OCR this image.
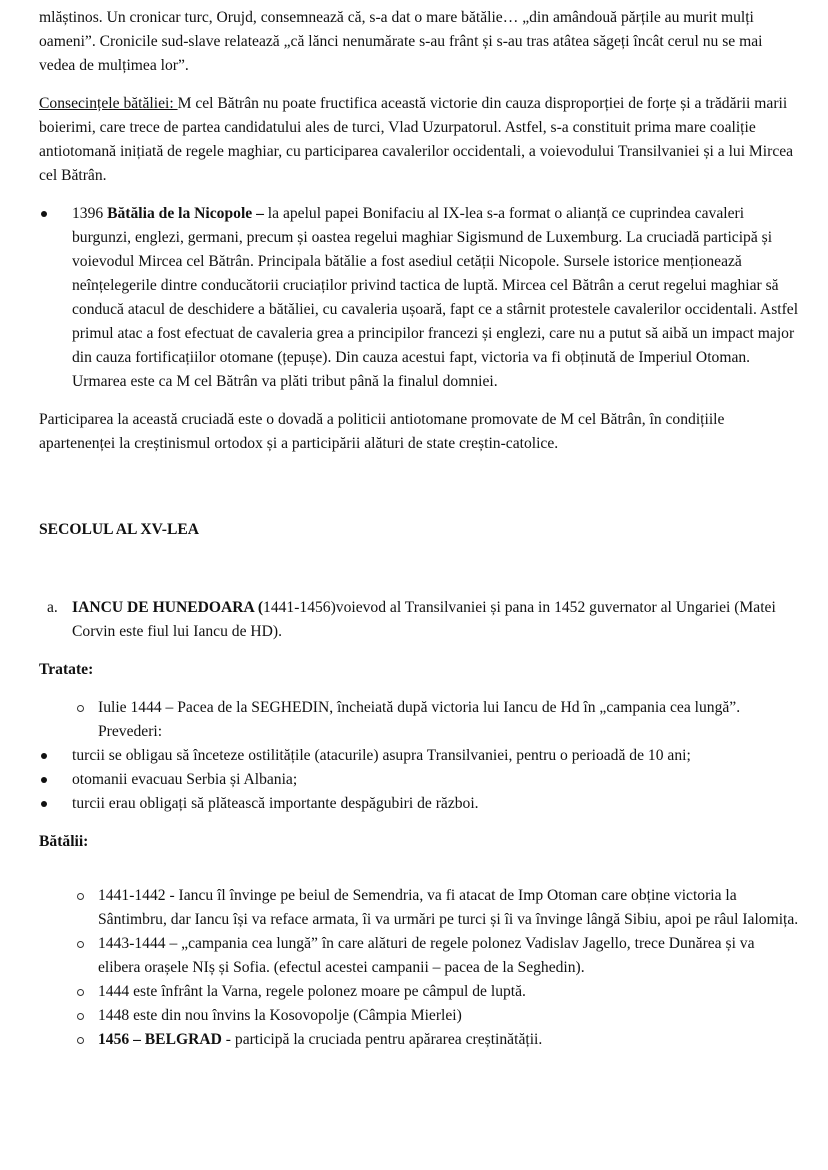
mlăștinos. Un cronicar turc, Orujd, consemnează că, s-a dat o mare bătălie… „din amândouă părțile au murit mulți oameni”. Cronicile sud-slave relatează „că lănci nenumărate s-au frânt și s-au tras atâtea săgeți încât cerul nu se mai vedea de mulțimea lor”.

Consecințele bătăliei: M cel Bătrân nu poate fructifica această victorie din cauza disproporției de forțe și a trădării marii boierimi, care trece de partea candidatului ales de turci, Vlad Uzurpatorul. Astfel, s-a constituit prima mare coaliție antiotomană inițiată de regele maghiar, cu participarea cavalerilor occidentali, a voievodului Transilvaniei și a lui Mircea cel Bătrân.

1396 Bătălia de la Nicopole – la apelul papei Bonifaciu al IX-lea s-a format o alianță ce cuprindea cavaleri burgunzi, englezi, germani, precum și oastea regelui maghiar Sigismund de Luxemburg. La cruciadă participă și voievodul Mircea cel Bătrân. Principala bătălie a fost asediul cetății Nicopole. Sursele istorice menționează neînțelegerile dintre conducătorii cruciaților privind tactica de luptă. Mircea cel Bătrân a cerut regelui maghiar să conducă atacul de deschidere a bătăliei, cu cavaleria ușoară, fapt ce a stârnit protestele cavalerilor occidentali. Astfel primul atac a fost efectuat de cavaleria grea a principilor francezi și englezi, care nu a putut să aibă un impact major din cauza fortificațiilor otomane (țepușe). Din cauza acestui fapt, victoria va fi obținută de Imperiul Otoman. Urmarea este ca M cel Bătrân va plăti tribut până la finalul domniei.

Participarea la această cruciadă este o dovadă a politicii antiotomane promovate de M cel Bătrân, în condițiile apartenenței la creștinismul ortodox și a participării alături de state creștin-catolice.

SECOLUL AL XV-LEA

a. IANCU DE HUNEDOARA (1441-1456)voievod al Transilvaniei și pana in 1452 guvernator al Ungariei (Matei Corvin este fiul lui Iancu de HD).

Tratate:

Iulie 1444 – Pacea de la SEGHEDIN, încheiată după victoria lui Iancu de Hd în „campania cea lungă”. Prevederi:
turcii se obligau să înceteze ostilitățile (atacurile) asupra Transilvaniei, pentru o perioadă de 10 ani;
otomanii evacuau Serbia și Albania;
turcii erau obligați să plătească importante despăgubiri de război.

Bătălii:

1441-1442 - Iancu îl învinge pe beiul de Semendria, va fi atacat de Imp Otoman care obține victoria la Sântimbru, dar Iancu își va reface armata, îi va urmări pe turci și îi va învinge lângă Sibiu, apoi pe râul Ialomița.
1443-1444 – „campania cea lungă” în care alături de regele polonez Vadislav Jagello, trece Dunărea și va elibera orașele NIș și Sofia. (efectul acestei campanii – pacea de la Seghedin).
1444 este înfrânt la Varna, regele polonez moare pe câmpul de luptă.
1448 este din nou învins la Kosovopolje (Câmpia Mierlei)
1456 – BELGRAD - participă la cruciada pentru apărarea creștinătății.
